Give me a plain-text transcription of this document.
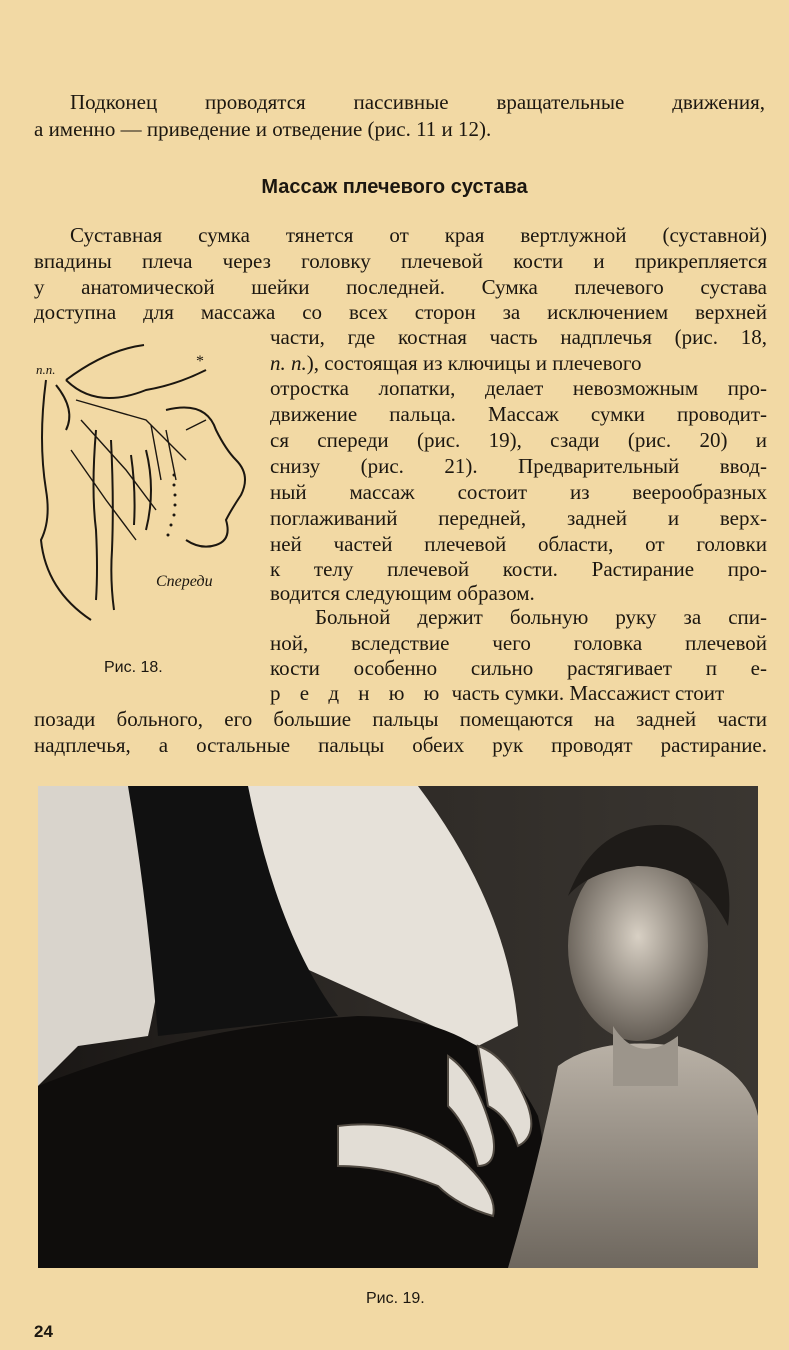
Подконец проводятся пассивные вращательные движения,
а именно — приведение и отведение (рис. 11 и 12).
Массаж плечевого сустава
Суставная сумка тянется от края вертлужной (суставной)
впадины плеча через головку плечевой кости и прикрепляется
у анатомической шейки последней. Сумка плечевого сустава
доступна для массажа со всех сторон за исключением верхней
части, где костная часть надплечья (рис. 18,
п. п.), состоящая из ключицы и плечевого
отростка лопатки, делает невозможным про-
движение пальца. Массаж сумки проводит-
ся спереди (рис. 19), сзади (рис. 20) и
снизу (рис. 21). Предварительный ввод-
ный массаж состоит из веерообразных
поглаживаний передней, задней и верх-
ней частей плечевой области, от головки
к телу плечевой кости. Растирание про-
водится следующим образом.
Больной держит больную руку за спи-
ной, вследствие чего головка плечевой
кости особенно сильно растягивает п е-
р е д н ю ю часть сумки. Массажист стоит
позади больного, его большие пальцы помещаются на задней части
надплечья, а остальные пальцы обеих рук проводят растирание.
п.п.	*
Спереди
Рис. 18.
Рис. 19.
24
